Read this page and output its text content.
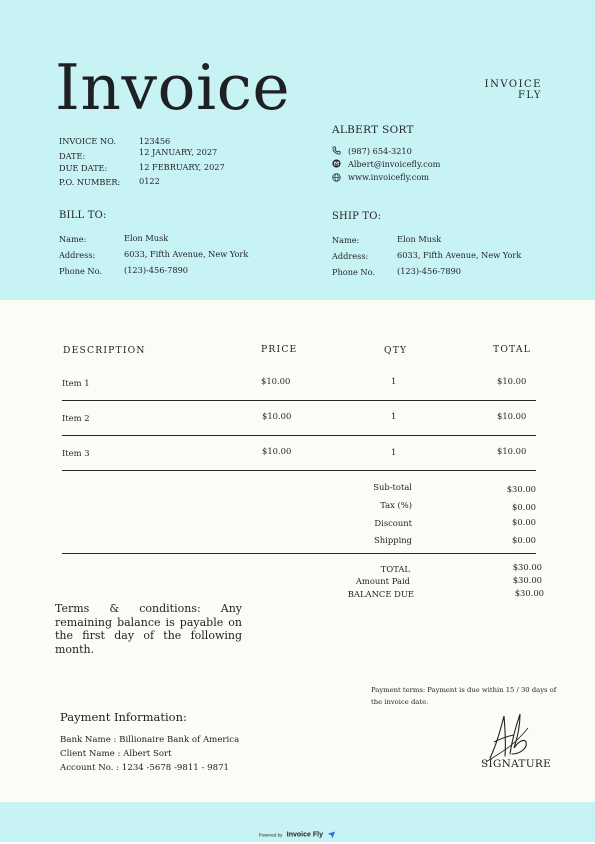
Invoice	INVOICE
FLY
INVOICE NO.	123456
DATE:	12 JANUARY, 2027
DUE DATE:	12 FEBRUARY, 2027
P.O. NUMBER: 0122
ALBERT SORT
(987) 654-3210
Albert@invoicefly.com
www.invoicefly.com
BILL TO:
Name:	Elon Musk
Address:	6033, Fifth Avenue, New York
Phone No.	(123)-456-7890
SHIP TO:
Name:	Elon Musk
Address:	6033, Fifth Avenue, New York
Phone No.	(123)-456-7890
DESCRIPTION	PRICE	QTY	TOTAL
Item 1	$10.00	1	$10.00
Item 2	$10.00	1	$10.00
Item 3	$10.00	1	$10.00
Sub-total	$30.00
Tax (%)	$0.00
Discount	$0.00
Shipping	$0.00
TOTAL	$30.00
Amount Paid	$30.00
BALANCE DUE	$30.00
Terms & conditions: Any remaining balance is payable on the first day of the following month.
Payment terms: Payment is due within 15 / 30 days of the invoice date.
Payment Information:
Bank Name : Billionaire Bank of America
Client Name : Albert Sort
Account No. : 1234 -5678 -9811 - 9871	SIGNATURE
Powered by Invoice Fly
